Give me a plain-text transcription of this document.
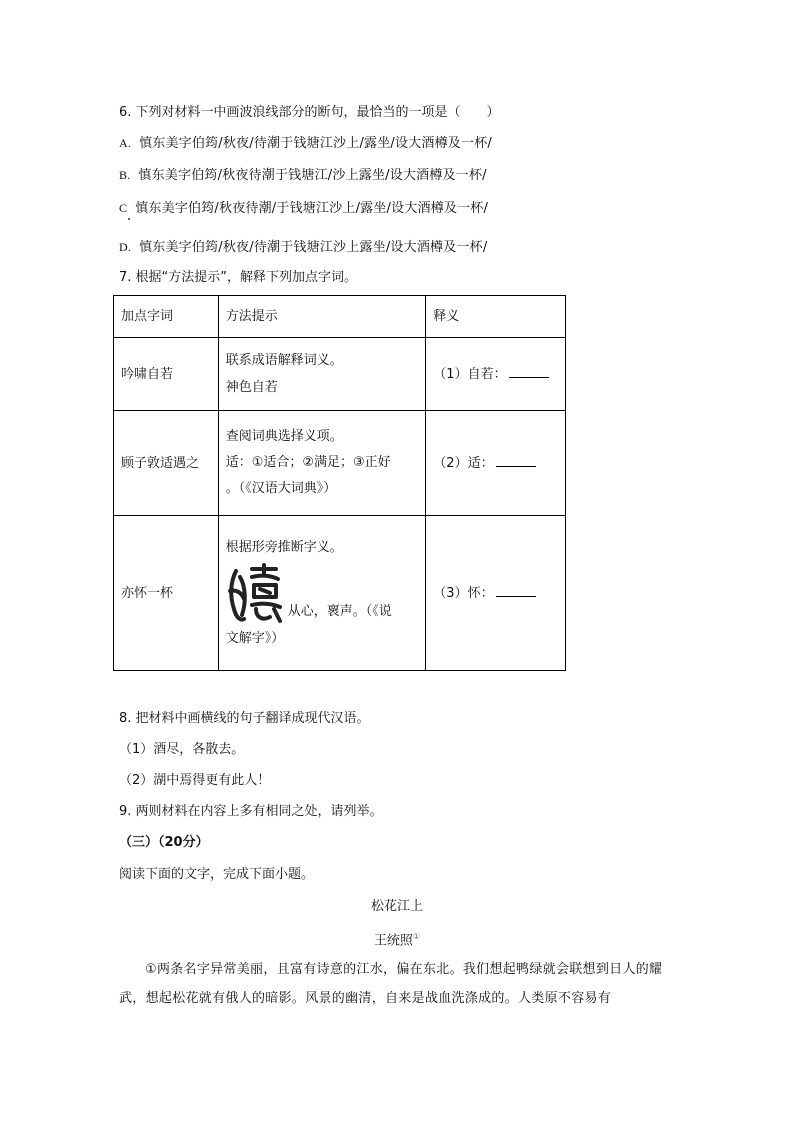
6. 下列对材料一中画波浪线部分的断句，最恰当的一项是（　　）
A. 慎东美字伯筠/秋夜/待潮于钱塘江沙上/露坐/设大酒樽及一杯/
B. 慎东美字伯筠/秋夜待潮于钱塘江/沙上露坐/设大酒樽及一杯/
C 慎东美字伯筠/秋夜待潮/于钱塘江沙上/露坐/设大酒樽及一杯/
D. 慎东美字伯筠/秋夜/待潮于钱塘江沙上露坐/设大酒樽及一杯/
7. 根据“方法提示”，解释下列加点字词。
加点字词	方法提示	释义
吟啸自若	联系成语解释词义。
神色自若	（1）自若：
顾子敦适遇之	查阅词典选择义项。
适：①适合；②满足；③正好
。（《汉语大词典》）	（2）适：
亦怀一杯	根据形旁推断字义。
从心，褱声。（《说
文解字》）	（3）怀：
8. 把材料中画横线的句子翻译成现代汉语。
（1）酒尽，各散去。
（2）湖中焉得更有此人！
9. 两则材料在内容上多有相同之处，请列举。
（三）（20分）
阅读下面的文字，完成下面小题。
松花江上
王统照①
①两条名字异常美丽，且富有诗意的江水，偏在东北。我们想起鸭绿就会联想到日人的耀武，想起松花就有俄人的暗影。风景的幽清，自来是战血洗涤成的。人类原不容易有
